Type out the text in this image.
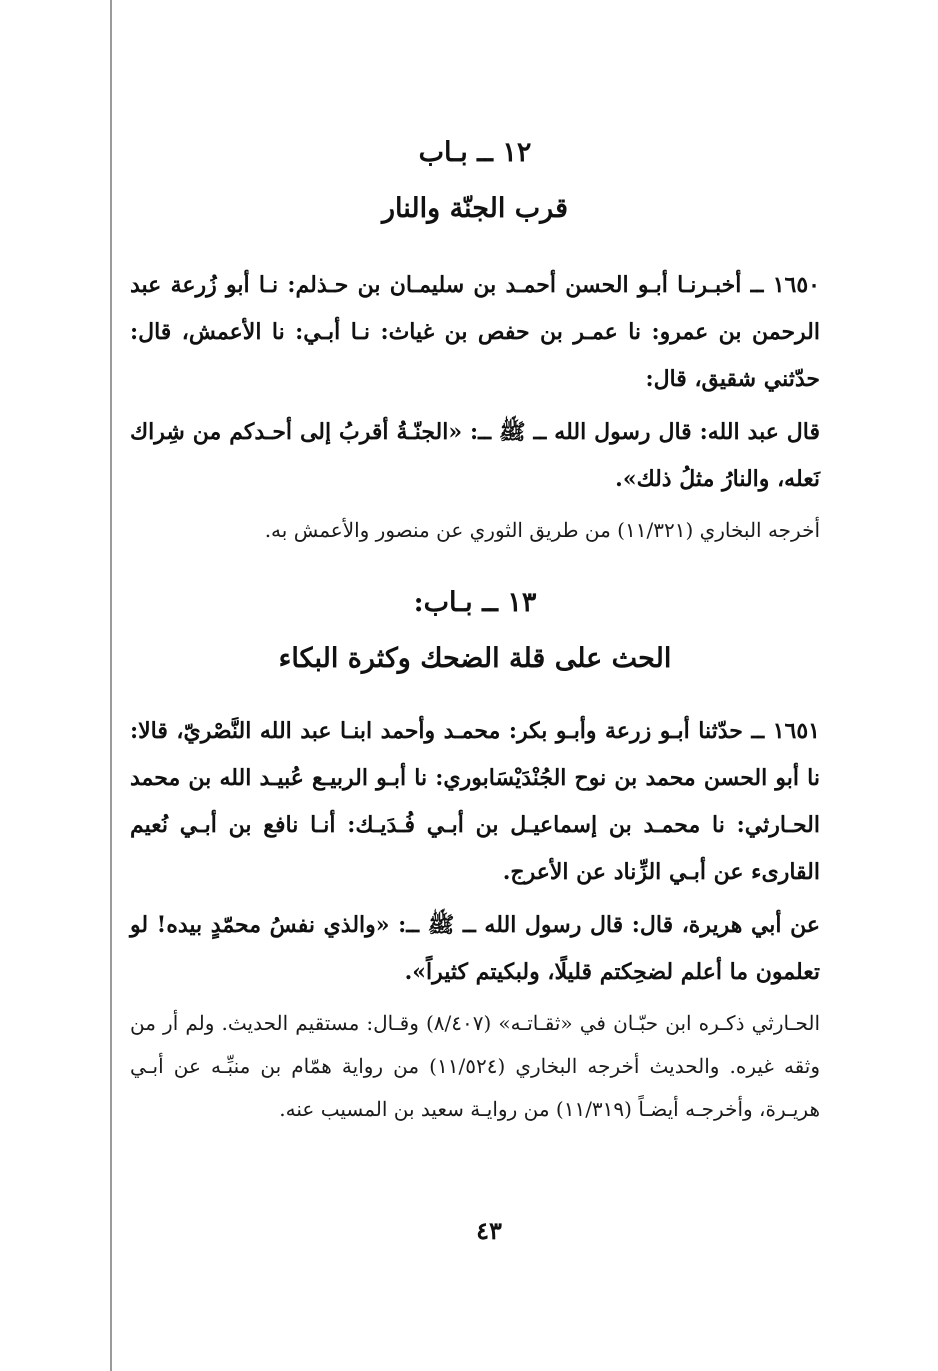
١٢ ــ بـاب
قرب الجنّة والنار

١٦٥٠ ــ أخبـرنـا أبـو الحسن أحمـد بن سليمـان بن حـذلم: نـا أبو زُرعة عبد الرحمن بن عمرو: نا عمـر بن حفص بن غياث: نـا أبـي: نا الأعمش، قال: حدّثني شقيق، قال:

قال عبد الله: قال رسول الله ــ ﷺ ــ: «الجنّـةُ أقربُ إلى أحـدكم من شِراك نَعله، والنارُ مثلُ ذلك».

أخرجه البخاري (١١/٣٢١) من طريق الثوري عن منصور والأعمش به.

١٣ ــ بـاب:
الحث على قلة الضحك وكثرة البكاء

١٦٥١ ــ حدّثنا أبـو زرعة وأبـو بكر: محمـد وأحمد ابنـا عبد الله النَّصْريّ، قالا: نا أبو الحسن محمد بن نوح الجُنْدَيْسَابوري: نا أبـو الربيـع عُبيـد الله بن محمد الحـارثي: نا محمـد بن إسماعيـل بن أبـي فُـدَيـك: أنـا نافع بن أبـي نُعيم القارىء عن أبـي الزِّناد عن الأعرج.

عن أبي هريرة، قال: قال رسول الله ــ ﷺ ــ: «والذي نفسُ محمّدٍ بيده! لو تعلمون ما أعلم لضحِكتم قليلًا، ولبكيتم كثيراً».

الحـارثي ذكـره ابن حبّـان في «ثقـاتـه» (٨/٤٠٧) وقـال: مستقيم الحديث. ولم أر من وثقه غيره. والحديث أخرجه البخاري (١١/٥٢٤) من رواية همّام بن منبِّـه عن أبـي هريـرة، وأخرجـه أيضـاً (١١/٣١٩) من روايـة سعيد بن المسيب عنه.

٤٣
